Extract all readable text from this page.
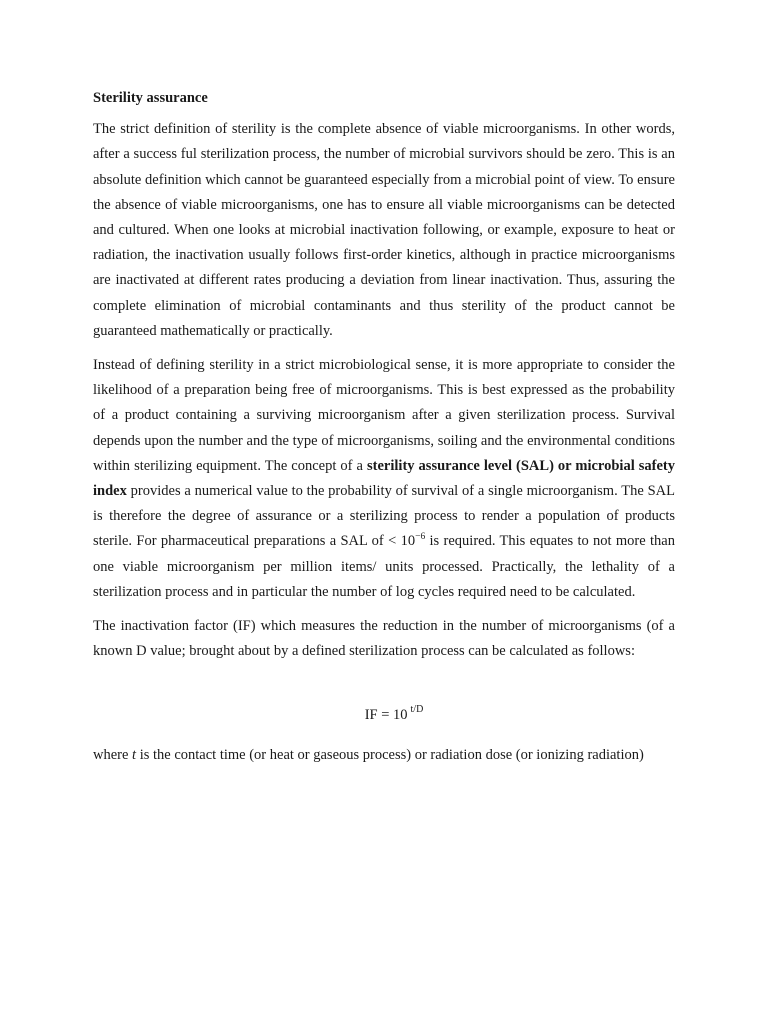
Sterility assurance

The strict definition of sterility is the complete absence of viable microorganisms. In other words, after a success ful sterilization process, the number of microbial survivors should be zero. This is an absolute definition which cannot be guaranteed especially from a microbial point of view. To ensure the absence of viable microorganisms, one has to ensure all viable microorganisms can be detected and cultured. When one looks at microbial inactivation following, or example, exposure to heat or radiation, the inactivation usually follows first-order kinetics, although in practice microorganisms are inactivated at different rates producing a deviation from linear inactivation. Thus, assuring the complete elimination of microbial contaminants and thus sterility of the product cannot be guaranteed mathematically or practically.

Instead of defining sterility in a strict microbiological sense, it is more appropriate to consider the likelihood of a preparation being free of microorganisms. This is best expressed as the probability of a product containing a surviving microorganism after a given sterilization process. Survival depends upon the number and the type of microorganisms, soiling and the environmental conditions within sterilizing equipment. The concept of a sterility assurance level (SAL) or microbial safety index provides a numerical value to the probability of survival of a single microorganism. The SAL is therefore the degree of assurance or a sterilizing process to render a population of products sterile. For pharmaceutical preparations a SAL of < $10^{-6}$ is required. This equates to not more than one viable microorganism per million items/ units processed. Practically, the lethality of a sterilization process and in particular the number of log cycles required need to be calculated.

The inactivation factor (IF) which measures the reduction in the number of microorganisms (of a known D value; brought about by a defined sterilization process can be calculated as follows:

IF = 10 $^{t/D}$

where t is the contact time (or heat or gaseous process) or radiation dose (or ionizing radiation)
